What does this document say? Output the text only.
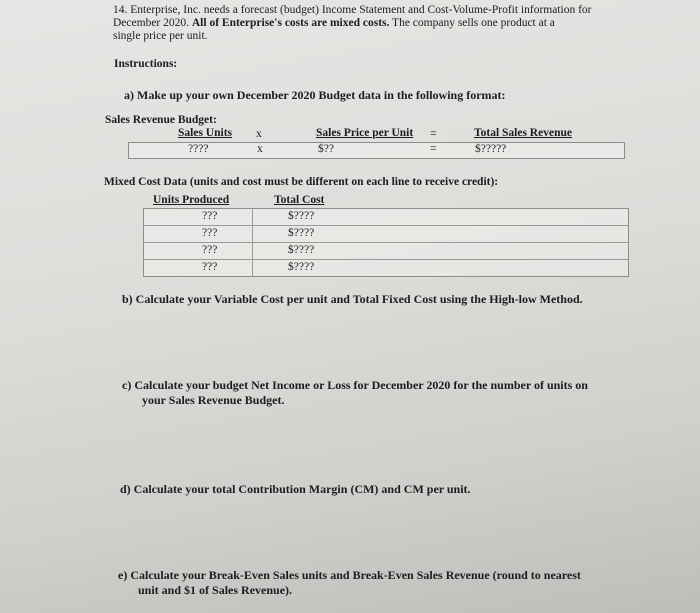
14. Enterprise, Inc. needs a forecast (budget) Income Statement and Cost-Volume-Profit information for

December 2020. All of Enterprise's costs are mixed costs. The company sells one product at a

single price per unit.

Instructions:
a) Make up your own December 2020 Budget data in the following format:
Sales Revenue Budget:
Sales Units x	Sales Price per Unit =	Total Sales Revenue
????	x	$??	=	$?????
Mixed Cost Data (units and cost must be different on each line to receive credit):
Units Produced	Total Cost
???	$????
???	$????
???	$????
???	$????
b) Calculate your Variable Cost per unit and Total Fixed Cost using the High-low Method.
c) Calculate your budget Net Income or Loss for December 2020 for the number of units on
your Sales Revenue Budget.
d) Calculate your total Contribution Margin (CM) and CM per unit.
e) Calculate your Break-Even Sales units and Break-Even Sales Revenue (round to nearest
unit and $1 of Sales Revenue).
